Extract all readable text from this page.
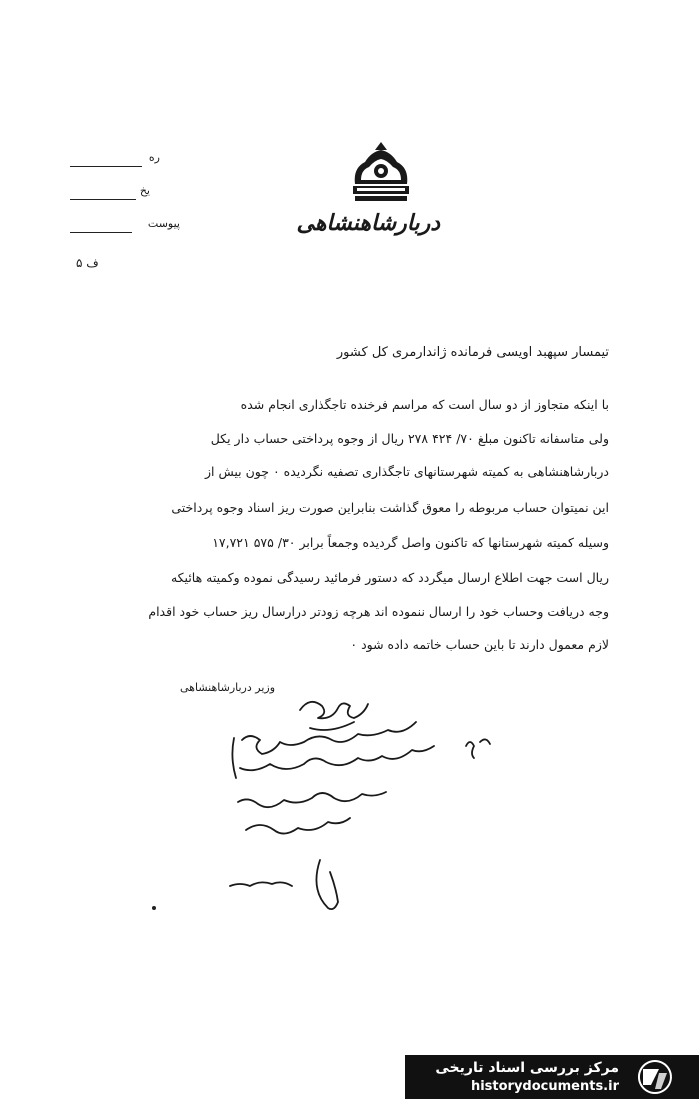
دربارشاهنشاهی
ره
یخ
پیوست
ف ۵
تیمسار سپهبد اویسی فرمانده ژاندارمری کل کشور
با اینکه متجاوز از دو سال است که مراسم فرخنده تاجگذاری انجام شده
ولی متاسفانه تاکنون مبلغ ۷۰/ ۴۲۴ ۲۷۸ ریال از وجوه پرداختی حساب دار یکل
دربارشاهنشاهی به کمیته شهرستانهای تاجگذاری تصفیه نگردیده ۰ چون بیش از
این نمیتوان حساب مربوطه را معوق گذاشت بنابراین صورت ریز اسناد وجوه پرداختی
وسیله کمیته شهرستانها که تاکنون واصل گردیده وجمعاً برابر ۳۰/ ۵۷۵ ۱۷,۷۲۱
ریال است جهت اطلاع ارسال میگردد که دستور فرمائید رسیدگی نموده وکمیته هائیکه
وجه دریافت وحساب خود را ارسال ننموده اند هرچه زودتر درارسال ریز حساب خود اقدام
لازم معمول دارند تا باین حساب خاتمه داده شود ۰
وزیر دربارشاهنشاهی
مرکز بررسی اسناد تاریخی
historydocuments.ir
